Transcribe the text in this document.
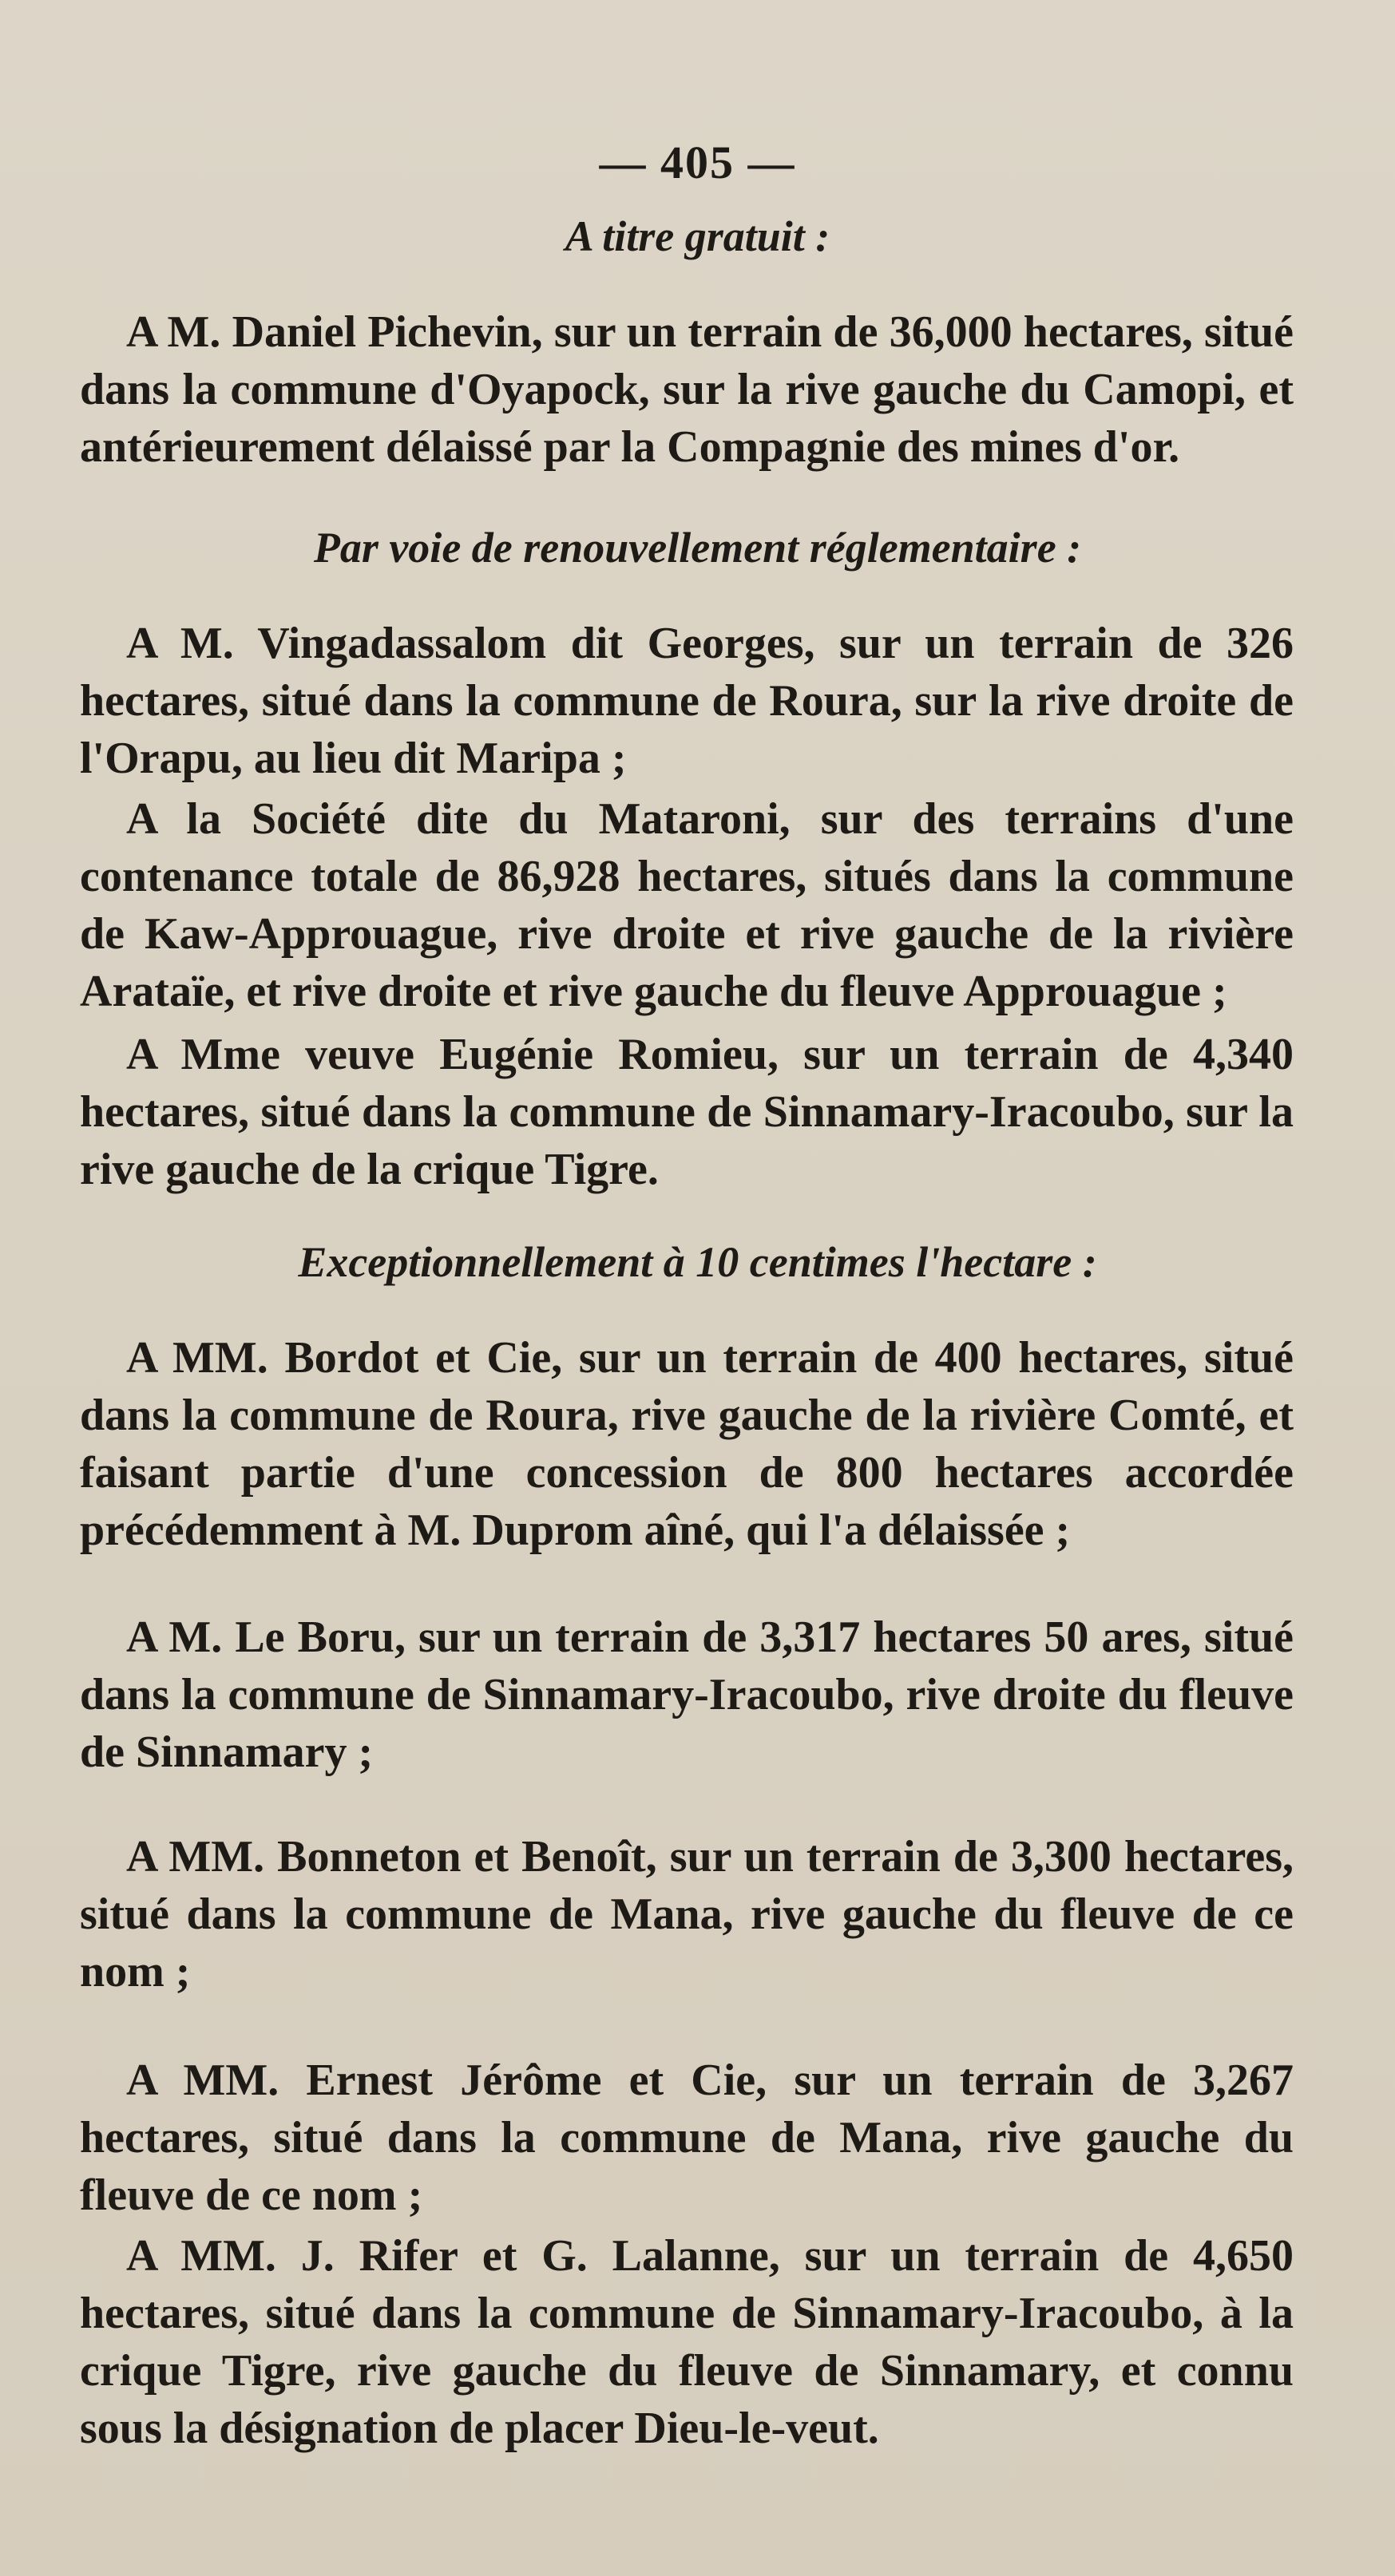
— 405 —
A titre gratuit :
A M. Daniel Pichevin, sur un terrain de 36,000 hectares, situé dans la commune d'Oyapock, sur la rive gauche du Camopi, et antérieurement délaissé par la Compagnie des mines d'or.
Par voie de renouvellement réglementaire :
A M. Vingadassalom dit Georges, sur un terrain de 326 hectares, situé dans la commune de Roura, sur la rive droite de l'Orapu, au lieu dit Maripa ;
A la Société dite du Mataroni, sur des terrains d'une contenance totale de 86,928 hectares, situés dans la commune de Kaw-Approuague, rive droite et rive gauche de la rivière Arataïe, et rive droite et rive gauche du fleuve Approuague ;
A Mme veuve Eugénie Romieu, sur un terrain de 4,340 hectares, situé dans la commune de Sinnamary-Iracoubo, sur la rive gauche de la crique Tigre.
Exceptionnellement à 10 centimes l'hectare :
A MM. Bordot et Cie, sur un terrain de 400 hectares, situé dans la commune de Roura, rive gauche de la rivière Comté, et faisant partie d'une concession de 800 hectares accordée précédemment à M. Duprom aîné, qui l'a délaissée ;
A M. Le Boru, sur un terrain de 3,317 hectares 50 ares, situé dans la commune de Sinnamary-Iracoubo, rive droite du fleuve de Sinnamary ;
A MM. Bonneton et Benoît, sur un terrain de 3,300 hectares, situé dans la commune de Mana, rive gauche du fleuve de ce nom ;
A MM. Ernest Jérôme et Cie, sur un terrain de 3,267 hectares, situé dans la commune de Mana, rive gauche du fleuve de ce nom ;
A MM. J. Rifer et G. Lalanne, sur un terrain de 4,650 hectares, situé dans la commune de Sinnamary-Iracoubo, à la crique Tigre, rive gauche du fleuve de Sinnamary, et connu sous la désignation de placer Dieu-le-veut.
